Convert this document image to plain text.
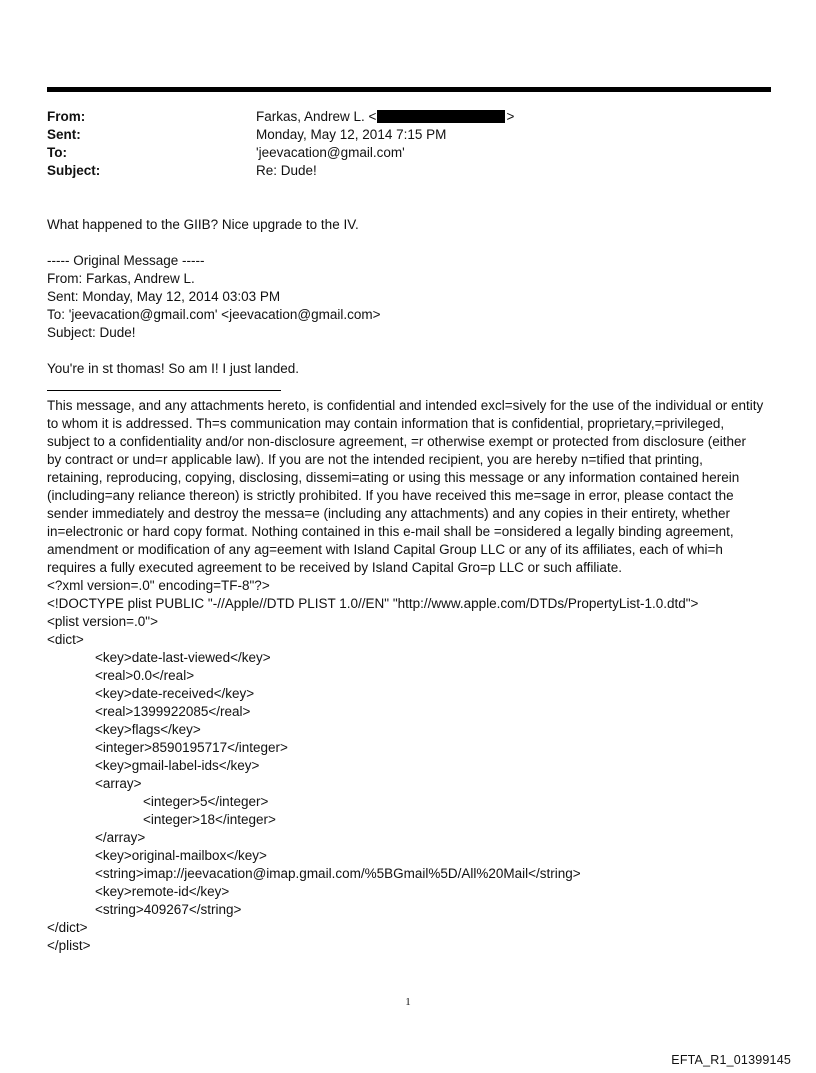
From:	Farkas, Andrew L. <	>
Sent:	Monday, May 12, 2014 7:15 PM
To:	'jeevacation@gmail.com'
Subject:	Re: Dude!
What happened to the GIIB? Nice upgrade to the IV.
----- Original Message -----
From: Farkas, Andrew L.
Sent: Monday, May 12, 2014 03:03 PM
To: 'jeevacation@gmail.com' <jeevacation@gmail.com>
Subject: Dude!
You're in st thomas! So am I! I just landed.
This message, and any attachments hereto, is confidential and intended excl=sively for the use of the individual or entity
to whom it is addressed. Th=s communication may contain information that is confidential, proprietary,=privileged,
subject to a confidentiality and/or non-disclosure agreement, =r otherwise exempt or protected from disclosure (either
by contract or und=r applicable law). If you are not the intended recipient, you are hereby n=tified that printing,
retaining, reproducing, copying, disclosing, dissemi=ating or using this message or any information contained herein
(including=any reliance thereon) is strictly prohibited. If you have received this me=sage in error, please contact the
sender immediately and destroy the messa=e (including any attachments) and any copies in their entirety, whether
in=electronic or hard copy format. Nothing contained in this e-mail shall be =onsidered a legally binding agreement,
amendment or modification of any ag=eement with Island Capital Group LLC or any of its affiliates, each of whi=h
requires a fully executed agreement to be received by Island Capital Gro=p LLC or such affiliate.
<?xml version=.0" encoding=TF-8"?>
<!DOCTYPE plist PUBLIC "-//Apple//DTD PLIST 1.0//EN" "http://www.apple.com/DTDs/PropertyList-1.0.dtd">
<plist version=.0">
<dict>
<key>date-last-viewed</key>
<real>0.0</real>
<key>date-received</key>
<real>1399922085</real>
<key>flags</key>
<integer>8590195717</integer>
<key>gmail-label-ids</key>
<array>
<integer>5</integer>
<integer>18</integer>
</array>
<key>original-mailbox</key>
<string>imap://jeevacation@imap.gmail.com/%5BGmail%5D/All%20Mail</string>
<key>remote-id</key>
<string>409267</string>
</dict>
</plist>
1
EFTA_R1_01399145
